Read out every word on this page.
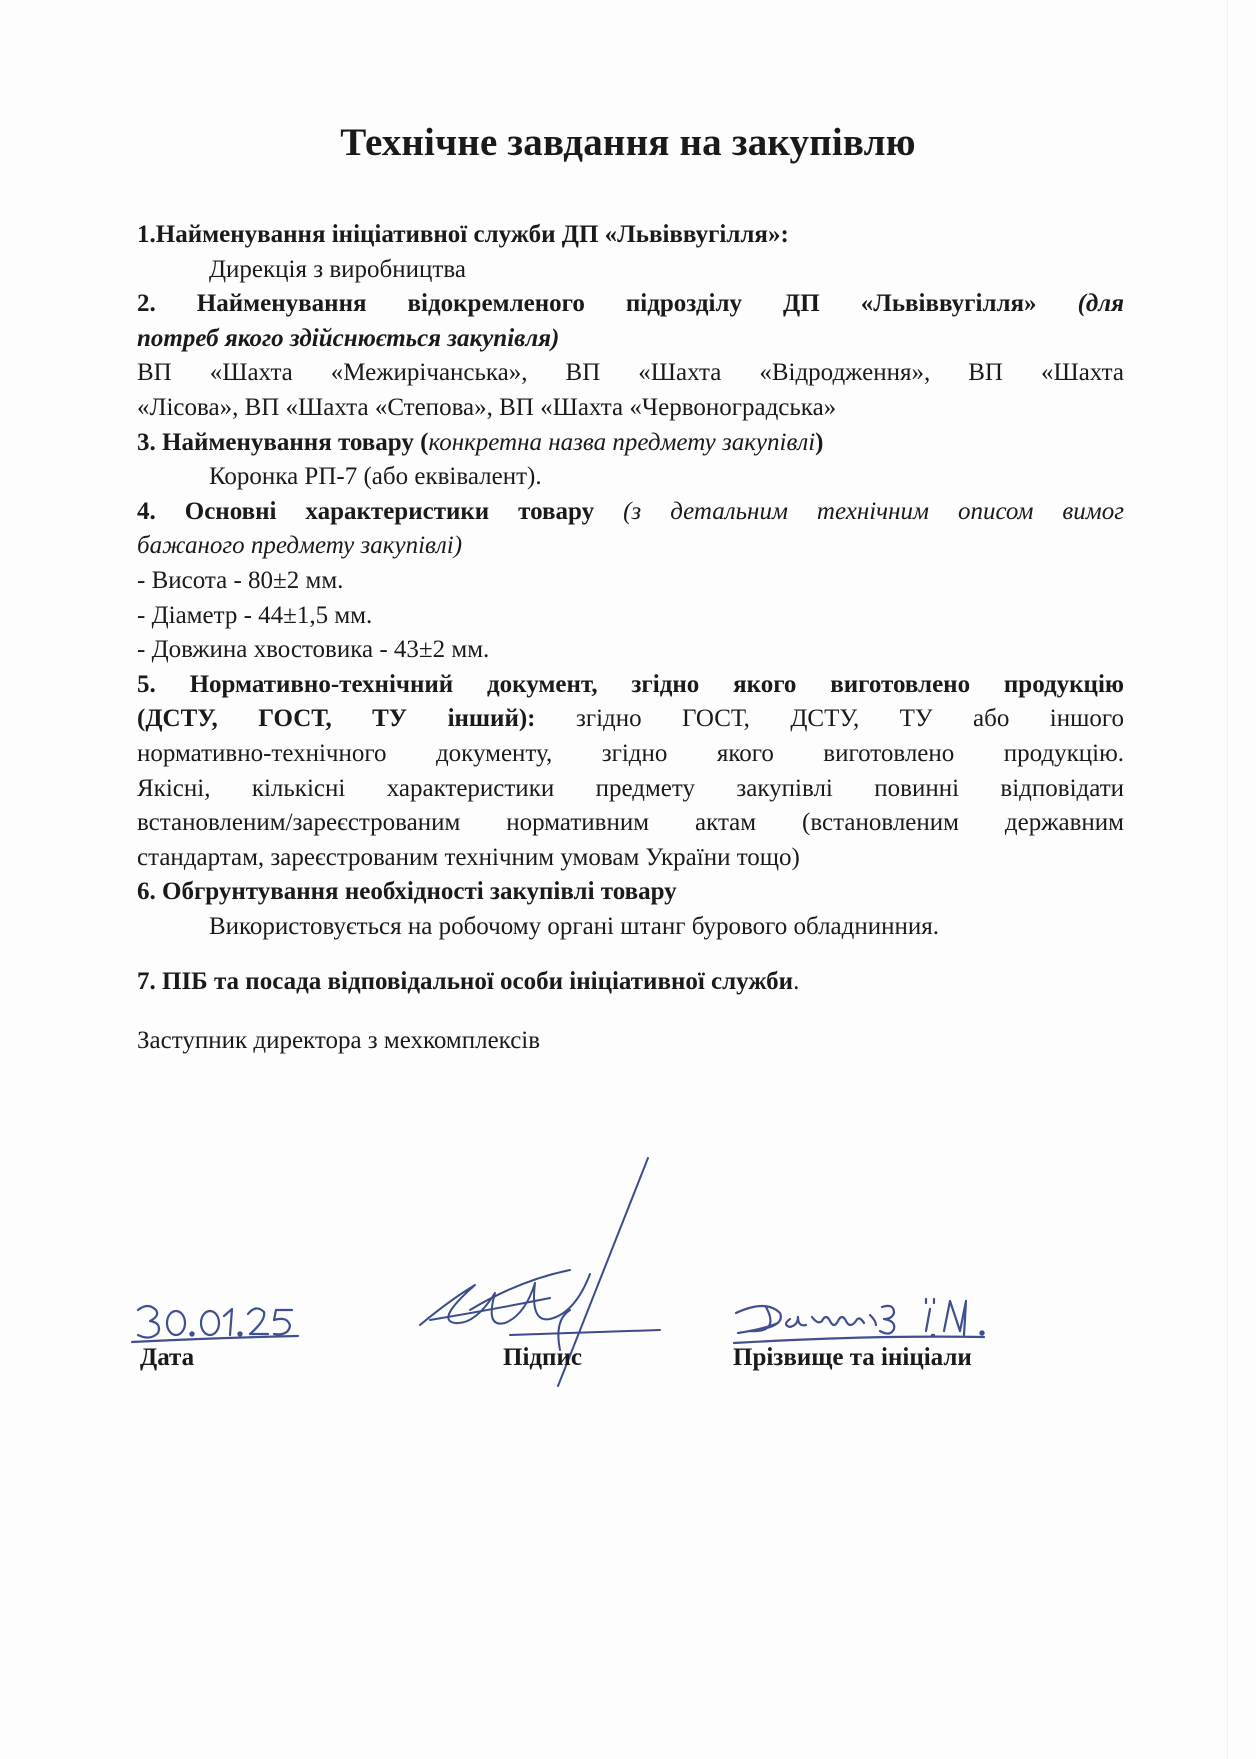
Технічне завдання на закупівлю

1.Найменування ініціативної служби ДП «Львіввугілля»:

Дирекція з виробництва

2. Найменування відокремленого підрозділу ДП «Львіввугілля» (для

потреб якого здійснюється закупівля)

ВП «Шахта «Межирічанська», ВП «Шахта «Відродження», ВП «Шахта

«Лісова», ВП «Шахта «Степова», ВП «Шахта «Червоноградська»

3. Найменування товару (конкретна назва предмету закупівлі)

Коронка РП-7 (або еквівалент).

4. Основні характеристики товару (з детальним технічним описом вимог

бажаного предмету закупівлі)

- Висота - 80±2 мм.

- Діаметр - 44±1,5 мм.

- Довжина хвостовика - 43±2 мм.

5. Нормативно-технічний документ, згідно якого виготовлено продукцію

(ДСТУ, ГОСТ, ТУ інший): згідно ГОСТ, ДСТУ, ТУ або іншого

нормативно-технічного документу, згідно якого виготовлено продукцію.

Якісні, кількісні характеристики предмету закупівлі повинні відповідати

встановленим/зареєстрованим нормативним актам (встановленим державним

стандартам, зареєстрованим технічним умовам України тощо)

6. Обгрунтування необхідності закупівлі товару

Використовується на робочому органі штанг бурового обладнинния.

7. ПІБ та посада відповідальної особи ініціативної служби.

Заступник директора з мехкомплексів

Дата	Підпис	Прізвище та ініціали
